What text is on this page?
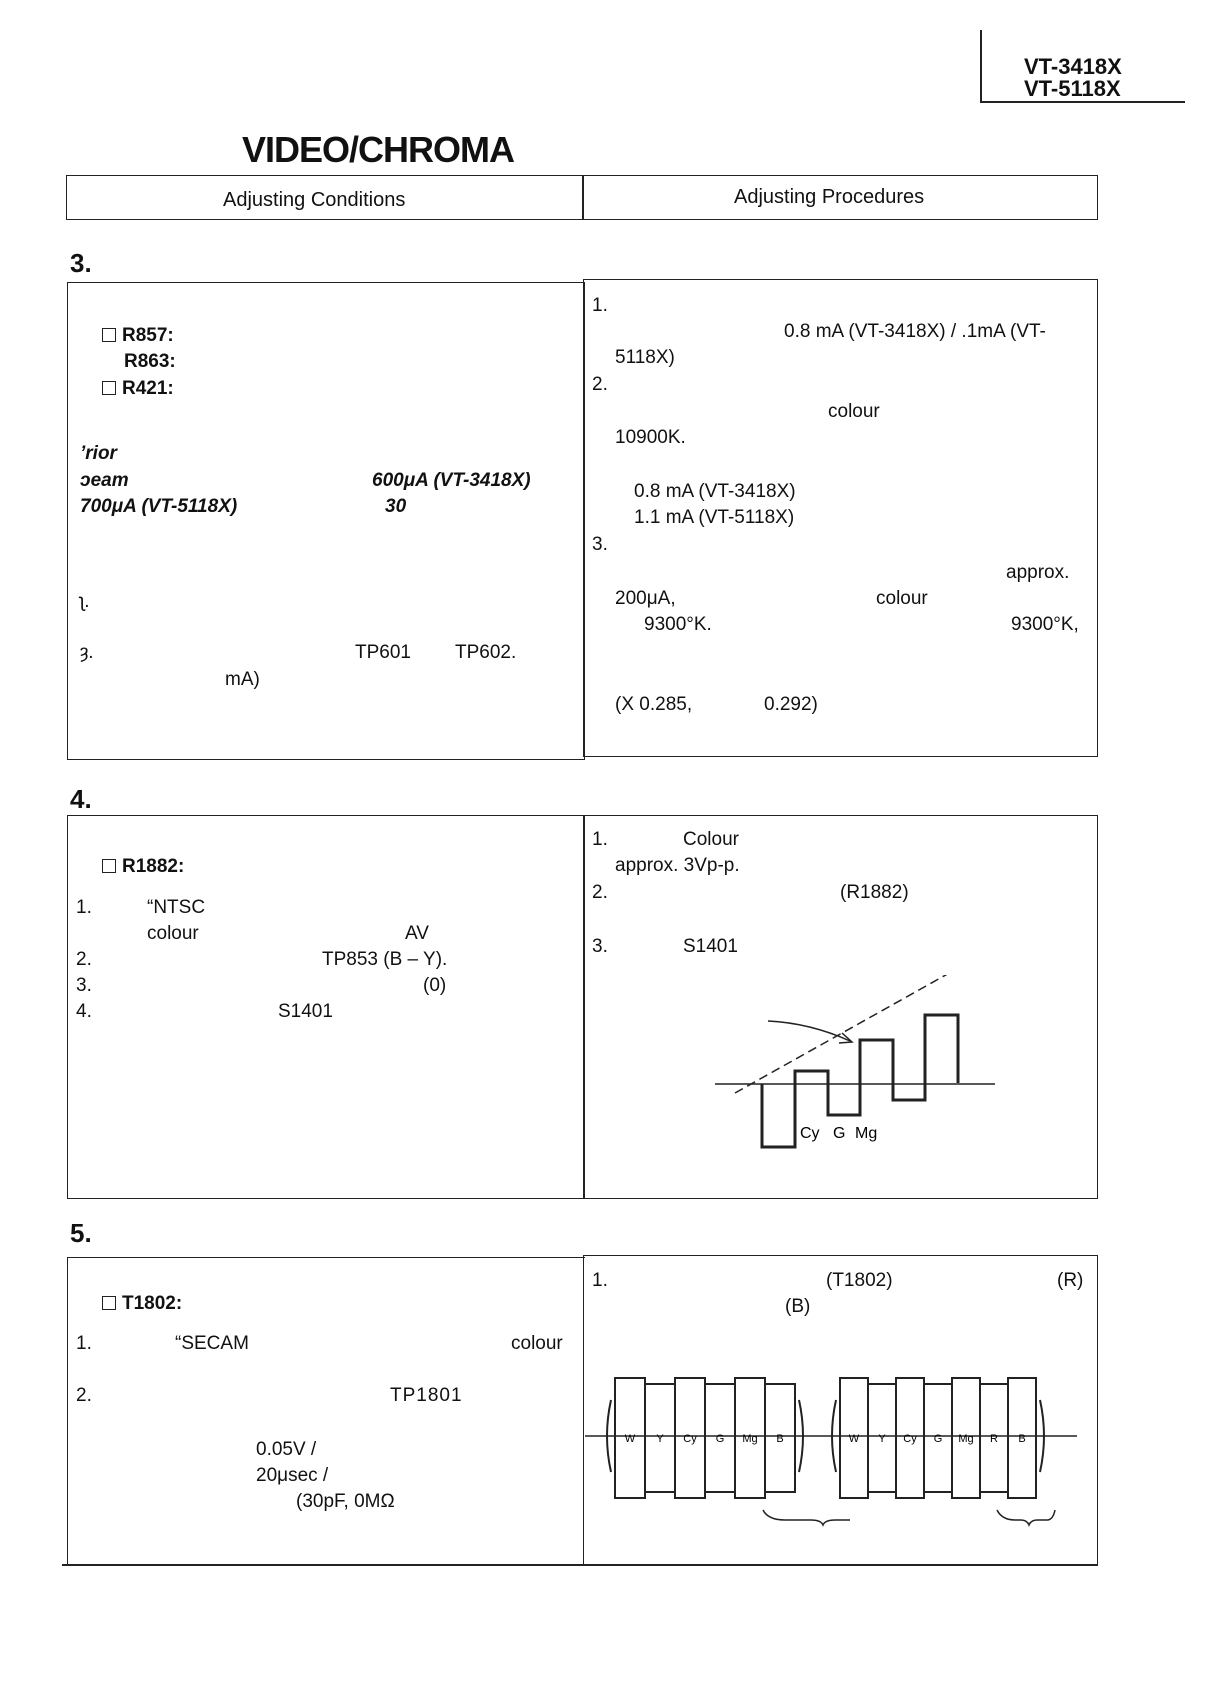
VT-3418X
VT-5118X
VIDEO/CHROMA
Adjusting Conditions	Adjusting Procedures
3.
R857:
R863:
R421:
ʼrior
ɔeam	600μA (VT-3418X)
700μA (VT-5118X)	30
ʅ.
ȝ.	TP601 TP602.
mA)
1.
0.8 mA (VT-3418X) / .1mA (VT-
5118X)
2.
colour
10900K.
0.8 mA (VT-3418X)
1.1 mA (VT-5118X)
3.
approx.
200μA,	colour
9300°K.	9300°K,
(X 0.285,	0.292)
4.
R1882:
1.	“NTSC
colour	AV
2.	TP853 (B – Y).
3.	(0)
4.	S1401
1.	Colour
approx. 3Vp-p.
2.	(R1882)
3.	S1401
Cy G Mg
5.
T1802:
1.	“SECAM	colour
2.	TP1801
0.05V /
20μsec /
(30pF, 0MΩ
1.	(T1802)	(R)
(B)
W Y Cy G Mg B	W Y Cy G Mg R B
